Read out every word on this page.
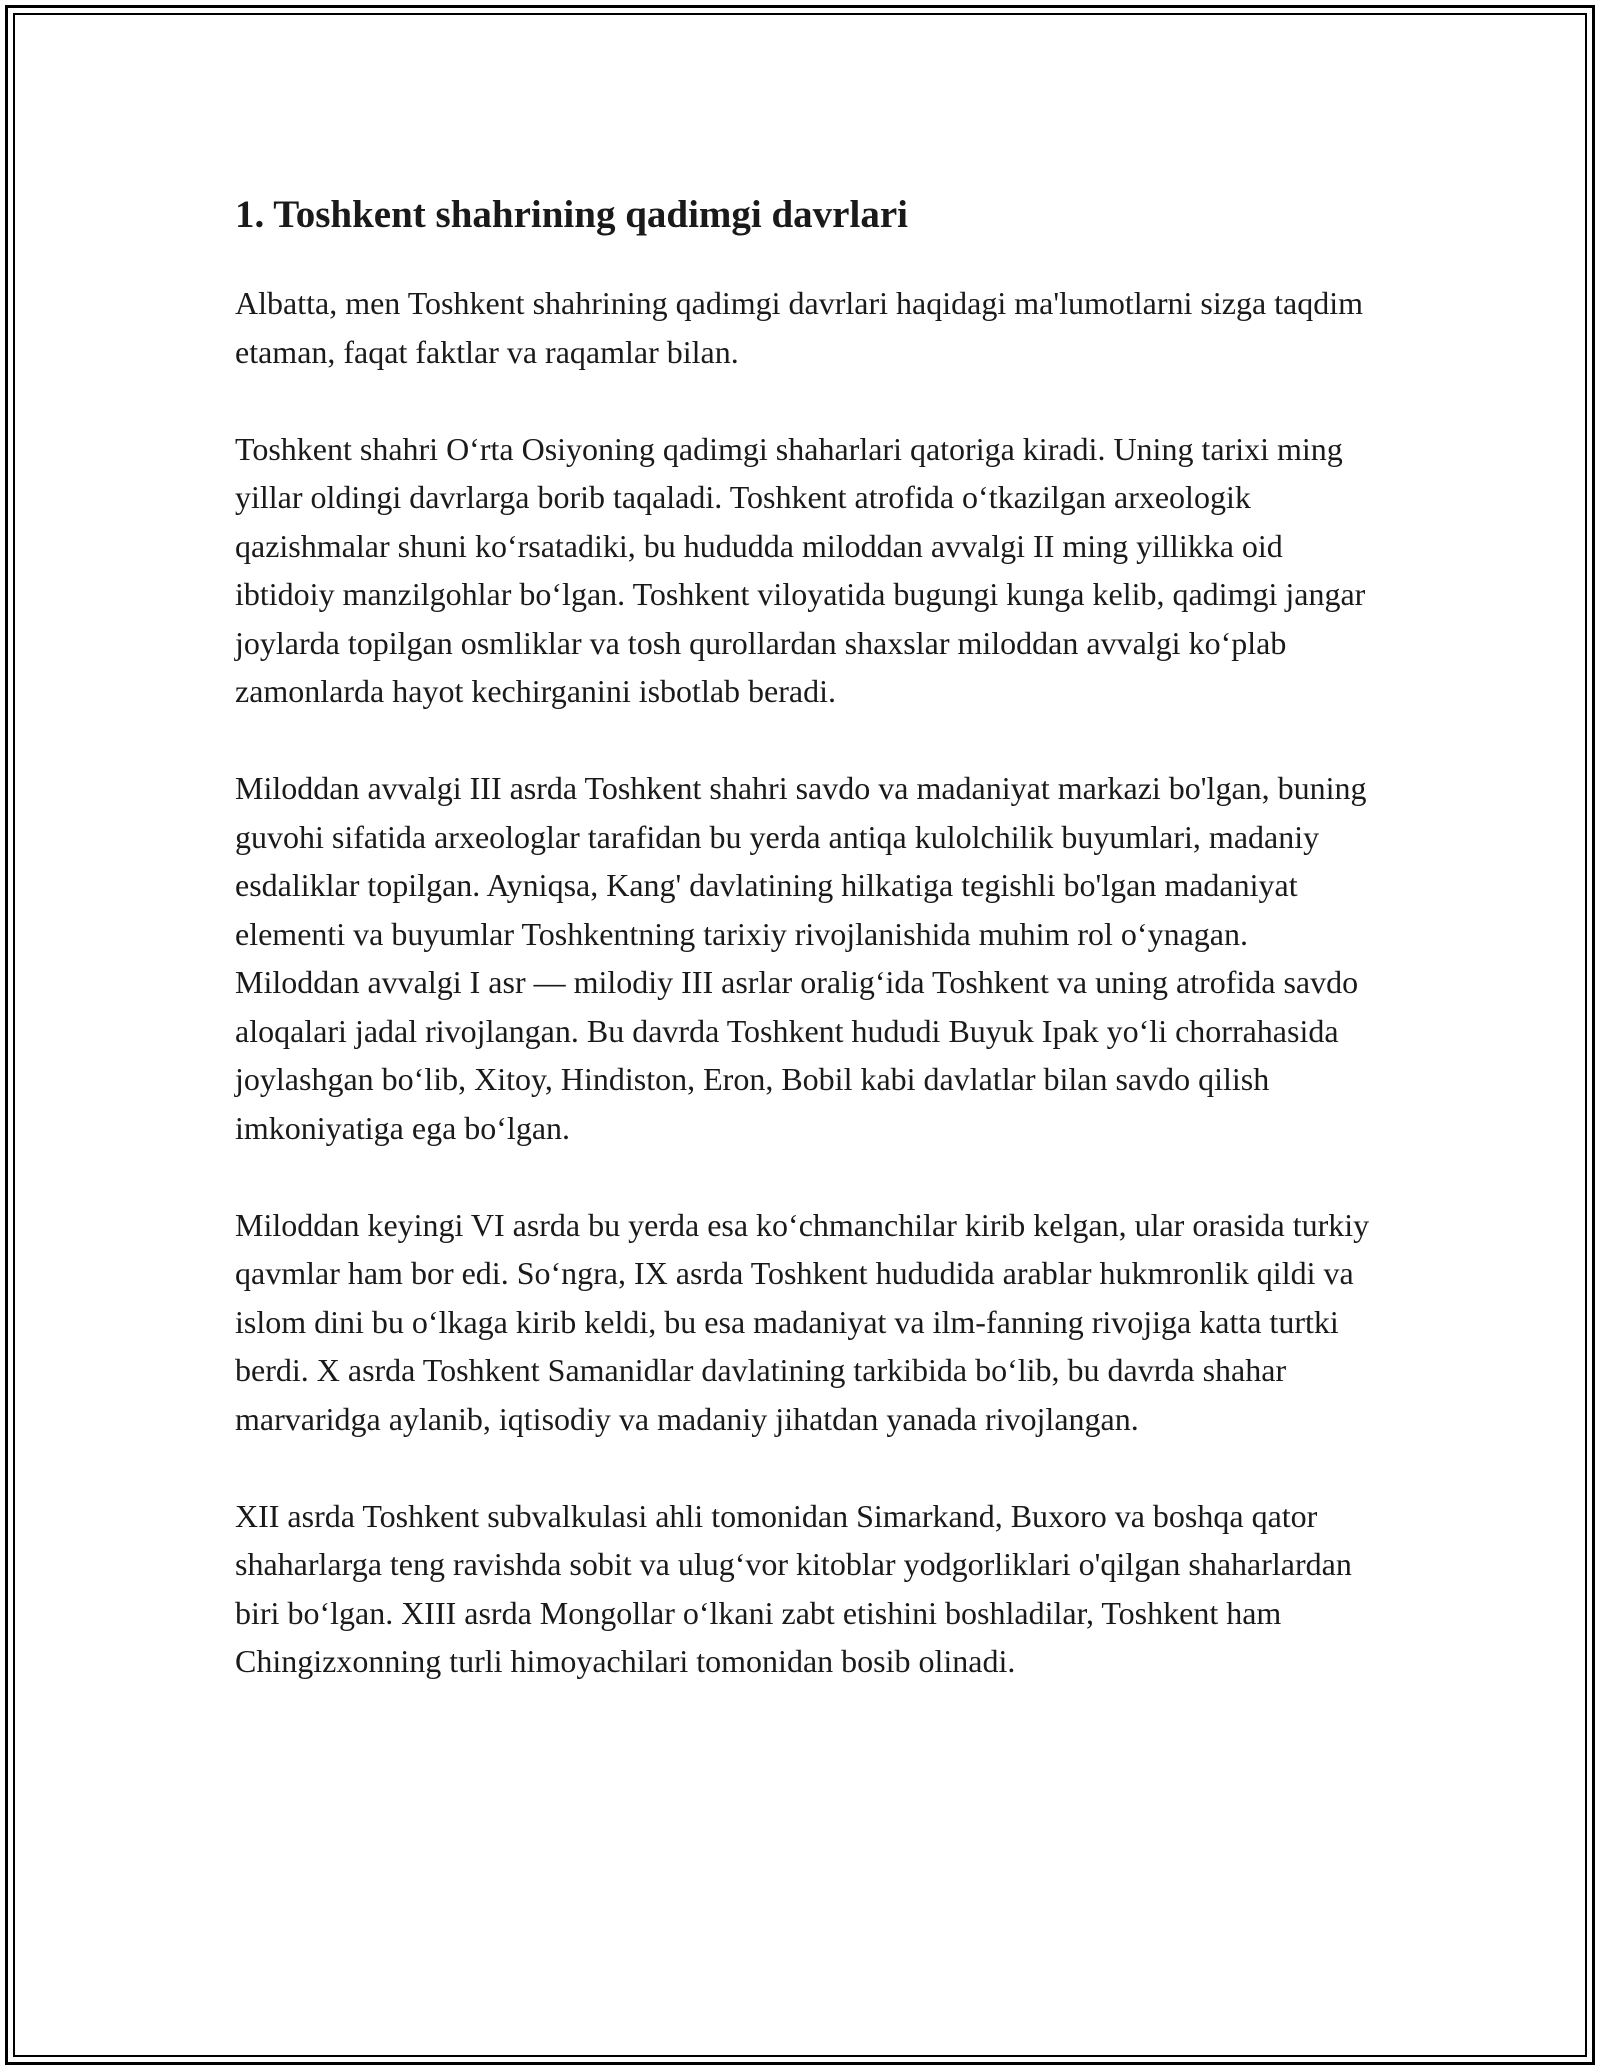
1. Toshkent shahrining qadimgi davrlari

Albatta, men Toshkent shahrining qadimgi davrlari haqidagi ma'lumotlarni sizga taqdim etaman, faqat faktlar va raqamlar bilan.

Toshkent shahri O‘rta Osiyoning qadimgi shaharlari qatoriga kiradi. Uning tarixi ming yillar oldingi davrlarga borib taqaladi. Toshkent atrofida o‘tkazilgan arxeologik qazishmalar shuni ko‘rsatadiki, bu hududda miloddan avvalgi II ming yillikka oid ibtidoiy manzilgohlar bo‘lgan. Toshkent viloyatida bugungi kunga kelib, qadimgi jangar joylarda topilgan osmliklar va tosh qurollardan shaxslar miloddan avvalgi ko‘plab zamonlarda hayot kechirganini isbotlab beradi.

Miloddan avvalgi III asrda Toshkent shahri savdo va madaniyat markazi bo'lgan, buning guvohi sifatida arxeologlar tarafidan bu yerda antiqa kulolchilik buyumlari, madaniy esdaliklar topilgan. Ayniqsa, Kang' davlatining hilkatiga tegishli bo'lgan madaniyat elementi va buyumlar Toshkentning tarixiy rivojlanishida muhim rol o‘ynagan. Miloddan avvalgi I asr — milodiy III asrlar oralig‘ida Toshkent va uning atrofida savdo aloqalari jadal rivojlangan. Bu davrda Toshkent hududi Buyuk Ipak yo‘li chorrahasida joylashgan bo‘lib, Xitoy, Hindiston, Eron, Bobil kabi davlatlar bilan savdo qilish imkoniyatiga ega bo‘lgan.

Miloddan keyingi VI asrda bu yerda esa ko‘chmanchilar kirib kelgan, ular orasida turkiy qavmlar ham bor edi. So‘ngra, IX asrda Toshkent hududida arablar hukmronlik qildi va islom dini bu o‘lkaga kirib keldi, bu esa madaniyat va ilm-fanning rivojiga katta turtki berdi. X asrda Toshkent Samanidlar davlatining tarkibida bo‘lib, bu davrda shahar marvaridga aylanib, iqtisodiy va madaniy jihatdan yanada rivojlangan.

XII asrda Toshkent subvalkulasi ahli tomonidan Simarkand, Buxoro va boshqa qator shaharlarga teng ravishda sobit va ulug‘vor kitoblar yodgorliklari o'qilgan shaharlardan biri bo‘lgan. XIII asrda Mongollar o‘lkani zabt etishini boshladilar, Toshkent ham Chingizxonning turli himoyachilari tomonidan bosib olinadi.
